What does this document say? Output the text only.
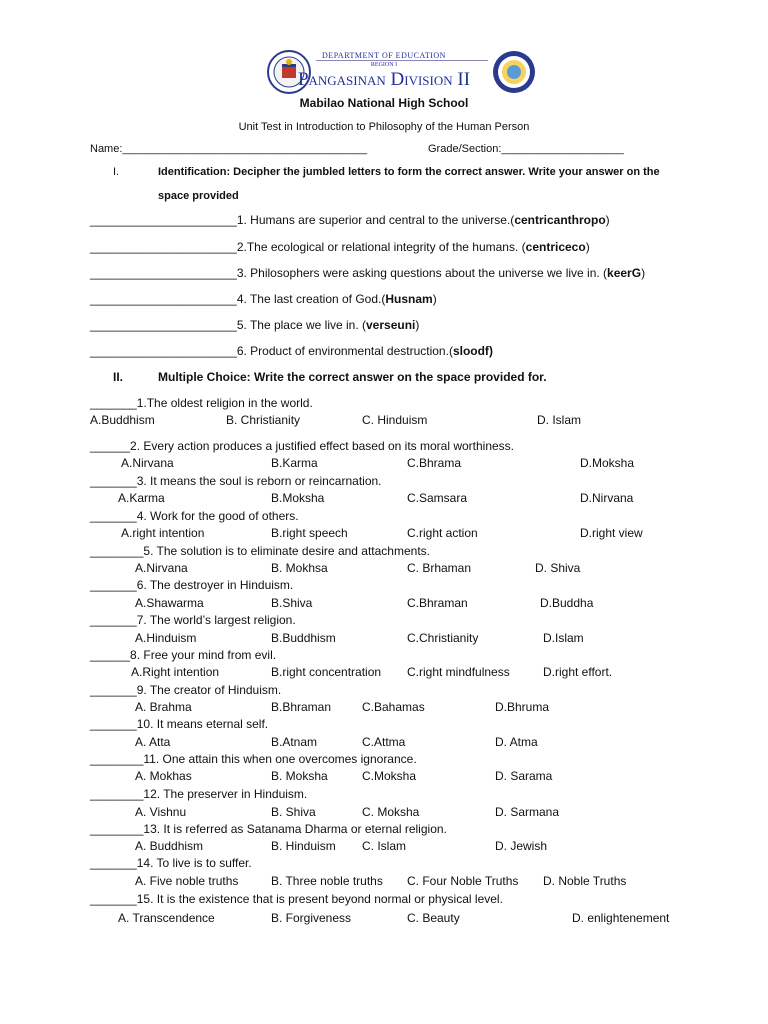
DEPARTMENT OF EDUCATION
REGION I
Pangasinan Division II
Mabilao National High School
Unit Test in Introduction to Philosophy of the Human Person
Name:________________________________________	Grade/Section:____________________
I.	Identification: Decipher the jumbled letters to form the correct answer. Write your answer on the
space provided
______________________1. Humans are superior and central to the universe.(centricanthropo)
______________________2.The ecological or relational integrity of the humans. (centriceco)
______________________3. Philosophers were asking questions about the universe we live in. (keerG)
______________________4. The last creation of God.(Husnam)
______________________5. The place we live in. (verseuni)
______________________6. Product of environmental destruction.(sloodf)
II.	Multiple Choice: Write the correct answer on the space provided for.
_______1.The oldest religion in the world.
A.Buddhism	B. Christianity	C. Hinduism	D. Islam
______2. Every action produces a justified effect based on its moral worthiness.
A.Nirvana	B.Karma	C.Bhrama	D.Moksha
_______3. It means the soul is reborn or reincarnation.
A.Karma	B.Moksha	C.Samsara	D.Nirvana
_______4. Work for the good of others.
A.right intention	B.right speech	C.right action	D.right view
________5. The solution is to eliminate desire and attachments.
A.Nirvana	B. Mokhsa	C. Brhaman	D. Shiva
_______6. The destroyer in Hinduism.
A.Shawarma	B.Shiva	C.Bhraman	D.Buddha
_______7. The world’s largest religion.
A.Hinduism	B.Buddhism	C.Christianity	D.Islam
______8. Free your mind from evil.
A.Right intention	B.right concentration C.right mindfulness	D.right effort.
_______9. The creator of Hinduism.
A. Brahma	B.Bhraman	C.Bahamas	D.Bhruma
_______10. It means eternal self.
A. Atta	B.Atnam	C.Attma	D. Atma
________11. One attain this when one overcomes ignorance.
A. Mokhas	B. Moksha	C.Moksha	D. Sarama
________12. The preserver in Hinduism.
A. Vishnu	B. Shiva	C. Moksha	D. Sarmana
________13. It is referred as Satanama Dharma or eternal religion.
A. Buddhism	B. Hinduism C. Islam	D. Jewish
_______14. To live is to suffer.
A. Five noble truths	B. Three noble truths C. Four Noble Truths D. Noble Truths
_______15. It is the existence that is present beyond normal or physical level.
A. Transcendence	B. Forgiveness	C. Beauty	D. enlightenement
